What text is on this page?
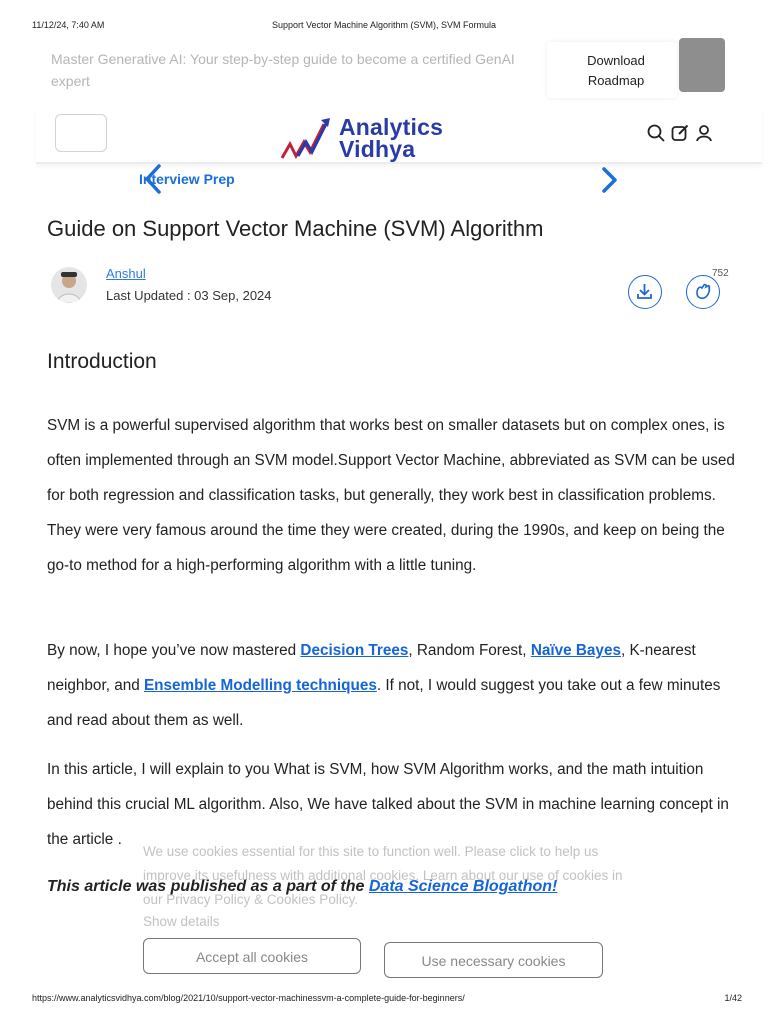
11/12/24, 7:40 AM	Support Vector Machine Algorithm (SVM), SVM Formula
Master Generative AI: Your step-by-step guide to become a certified GenAI expert
Download
Roadmap
Analytics
Vidhya
Interview Prep
Guide on Support Vector Machine (SVM) Algorithm
Anshul
Last Updated : 03 Sep, 2024
752
Introduction
SVM is a powerful supervised algorithm that works best on smaller datasets but on complex ones, is often implemented through an SVM model.Support Vector Machine, abbreviated as SVM can be used for both regression and classification tasks, but generally, they work best in classification problems. They were very famous around the time they were created, during the 1990s, and keep on being the go-to method for a high-performing algorithm with a little tuning.
By now, I hope you’ve now mastered Decision Trees, Random Forest, Naïve Bayes, K-nearest neighbor, and Ensemble Modelling techniques. If not, I would suggest you take out a few minutes and read about them as well.
In this article, I will explain to you What is SVM, how SVM Algorithm works, and the math intuition behind this crucial ML algorithm. Also, We have talked about the SVM in machine learning concept in the article .
We use cookies essential for this site to function well. Please click to help us improve its usefulness with additional cookies. Learn about our use of cookies in our Privacy Policy & Cookies Policy.
This article was published as a part of the Data Science Blogathon!
Show details
Accept all cookies	Use necessary cookies
https://www.analyticsvidhya.com/blog/2021/10/support-vector-machinessvm-a-complete-guide-for-beginners/	1/42
